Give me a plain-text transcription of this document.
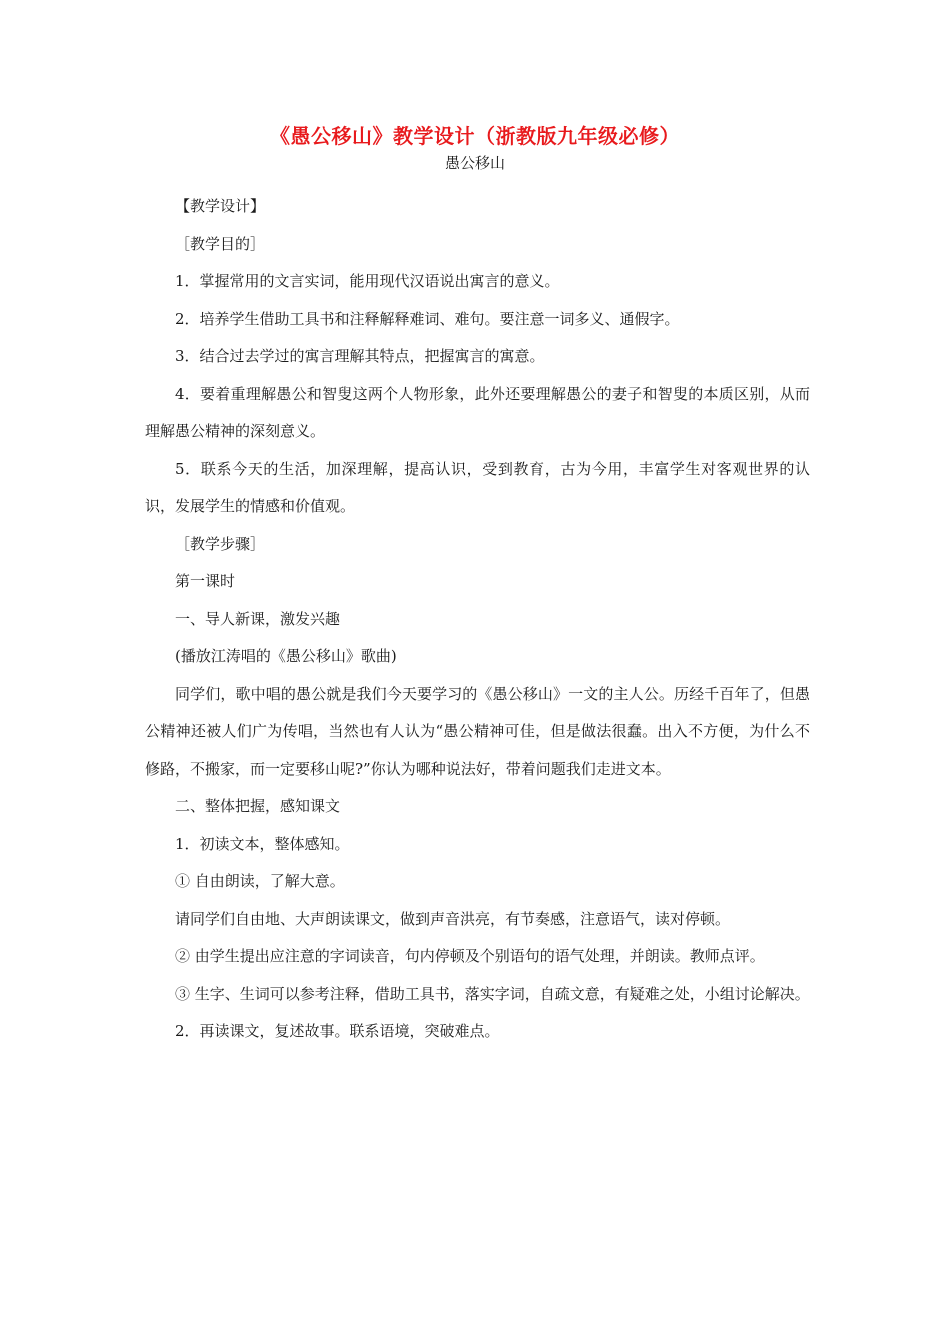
《愚公移山》教学设计（浙教版九年级必修）
愚公移山

【教学设计】

［教学目的］

1．掌握常用的文言实词，能用现代汉语说出寓言的意义。

2．培养学生借助工具书和注释解释难词、难句。要注意一词多义、通假字。

3．结合过去学过的寓言理解其特点，把握寓言的寓意。

4．要着重理解愚公和智叟这两个人物形象，此外还要理解愚公的妻子和智叟的本质区别，从而理解愚公精神的深刻意义。

5．联系今天的生活，加深理解，提高认识，受到教育，古为今用，丰富学生对客观世界的认识，发展学生的情感和价值观。

［教学步骤］

第一课时

一、导人新课，激发兴趣

(播放江涛唱的《愚公移山》歌曲)

同学们，歌中唱的愚公就是我们今天要学习的《愚公移山》一文的主人公。历经千百年了，但愚公精神还被人们广为传唱，当然也有人认为“愚公精神可佳，但是做法很蠢。出入不方便，为什么不修路，不搬家，而一定要移山呢?”你认为哪种说法好，带着问题我们走进文本。

二、整体把握，感知课文

1．初读文本，整体感知。

① 自由朗读，了解大意。

请同学们自由地、大声朗读课文，做到声音洪亮，有节奏感，注意语气，读对停顿。

② 由学生提出应注意的字词读音，句内停顿及个别语句的语气处理，并朗读。教师点评。

③ 生字、生词可以参考注释，借助工具书，落实字词，自疏文意，有疑难之处，小组讨论解决。

2．再读课文，复述故事。联系语境，突破难点。
